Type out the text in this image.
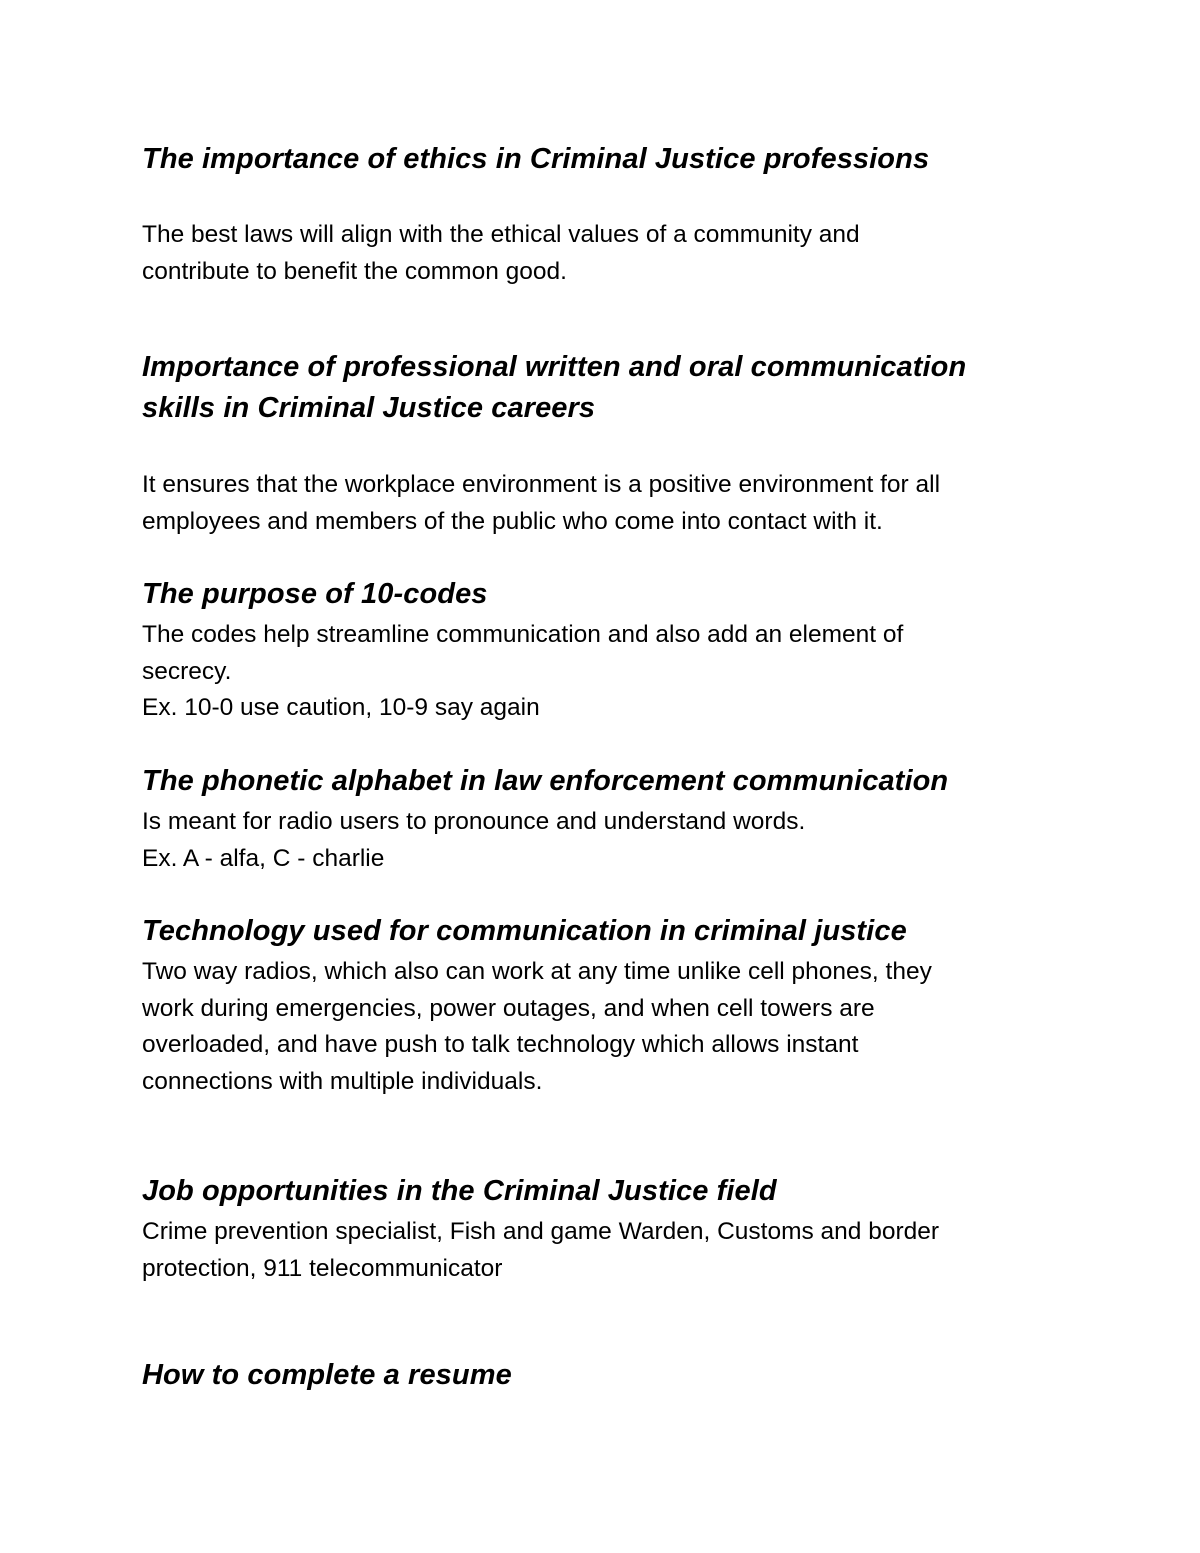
The importance of ethics in Criminal Justice professions
The best laws will align with the ethical values of a community and
contribute to benefit the common good.
Importance of professional written and oral communication
skills in Criminal Justice careers
It ensures that the workplace environment is a positive environment for all
employees and members of the public who come into contact with it.
The purpose of 10-codes
The codes help streamline communication and also add an element of
secrecy.
Ex. 10-0 use caution, 10-9 say again
The phonetic alphabet in law enforcement communication
Is meant for radio users to pronounce and understand words.
Ex. A - alfa, C - charlie
Technology used for communication in criminal justice
Two way radios, which also can work at any time unlike cell phones, they
work during emergencies, power outages, and when cell towers are
overloaded, and have push to talk technology which allows instant
connections with multiple individuals.
Job opportunities in the Criminal Justice field
Crime prevention specialist, Fish and game Warden, Customs and border
protection, 911 telecommunicator
How to complete a resume
